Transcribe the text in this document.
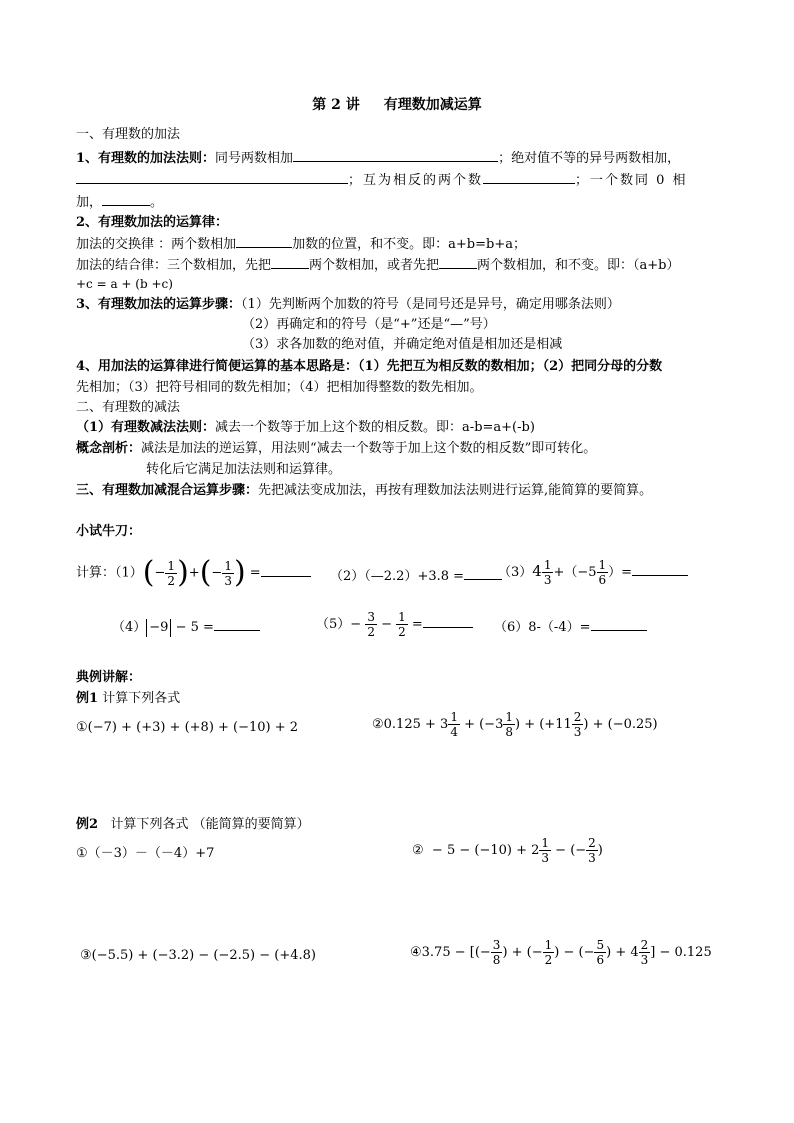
第 2 讲 有理数加减运算
一、有理数的加法
1、有理数的加法法则：同号两数相加	；绝对值不等的异号两数相加，
；互为相反的两个数	；一个数同 0 相
加，	。
2、有理数加法的运算律：
加法的交换律 ：两个数相加	加数的位置，和不变。即：a+b=b+a；
加法的结合律：三个数相加，先把	两个数相加，或者先把	两个数相加，和不变。即：（a+b）
+c = a + (b +c)
3、有理数加法的运算步骤：（1）先判断两个加数的符号（是同号还是异号，确定用哪条法则）
（2）再确定和的符号（是“+”还是“—”号）
（3）求各加数的绝对值，并确定绝对值是相加还是相减
4、用加法的运算律进行简便运算的基本思路是：（1）先把互为相反数的数相加；（2）把同分母的分数
先相加；（3）把符号相同的数先相加；（4）把相加得整数的数先相加。
二、有理数的减法
（1）有理数减法法则：减去一个数等于加上这个数的相反数。即：a-b=a+(-b)
概念剖析：减法是加法的逆运算，用法则“减去一个数等于加上这个数的相反数”即可转化。
转化后它满足加法法则和运算律。
三、有理数加减混合运算步骤：先把减法变成加法，再按有理数加法法则进行运算,能简算的要简算。
小试牛刀：
计算：$(1)(- \frac{1}{2}$ )+(− $\frac{1}{3}$ ) =	（2）（—2.2）+3.8 =	$(3)4 \frac{1}{3} +(-5 \frac{1}{6}$ ）=
（4） −9 − 5 =	$(5)- \frac{3}{2} - \frac{1}{2}$ =	（6）8-（-4）=
典例讲解：
例1 计算下列各式
①(−7) + (+3) + (+8) + (−10) + 2	②0.125 + $3 \frac{1}{4} + (-3 \frac{1}{8}$ ) + ($+11 \frac{2}{3}$ ) + (−0.25)
例2 计算下列各式 （能简算的要简算）
①（－3）－（－4）+7	②  − $5 - (-10) + 2 \frac{1}{3}$ − (− $\frac{2}{3}$ )
③(−5.5) + (−3.2) − (−2.5) − (+4.8)	④3.75 − [(− $\frac{3}{8}$ ) + (− $\frac{1}{2}$ ) − (− $\frac{5}{6}$ ) + $4 \frac{2}{3}$ ] − 0.125
